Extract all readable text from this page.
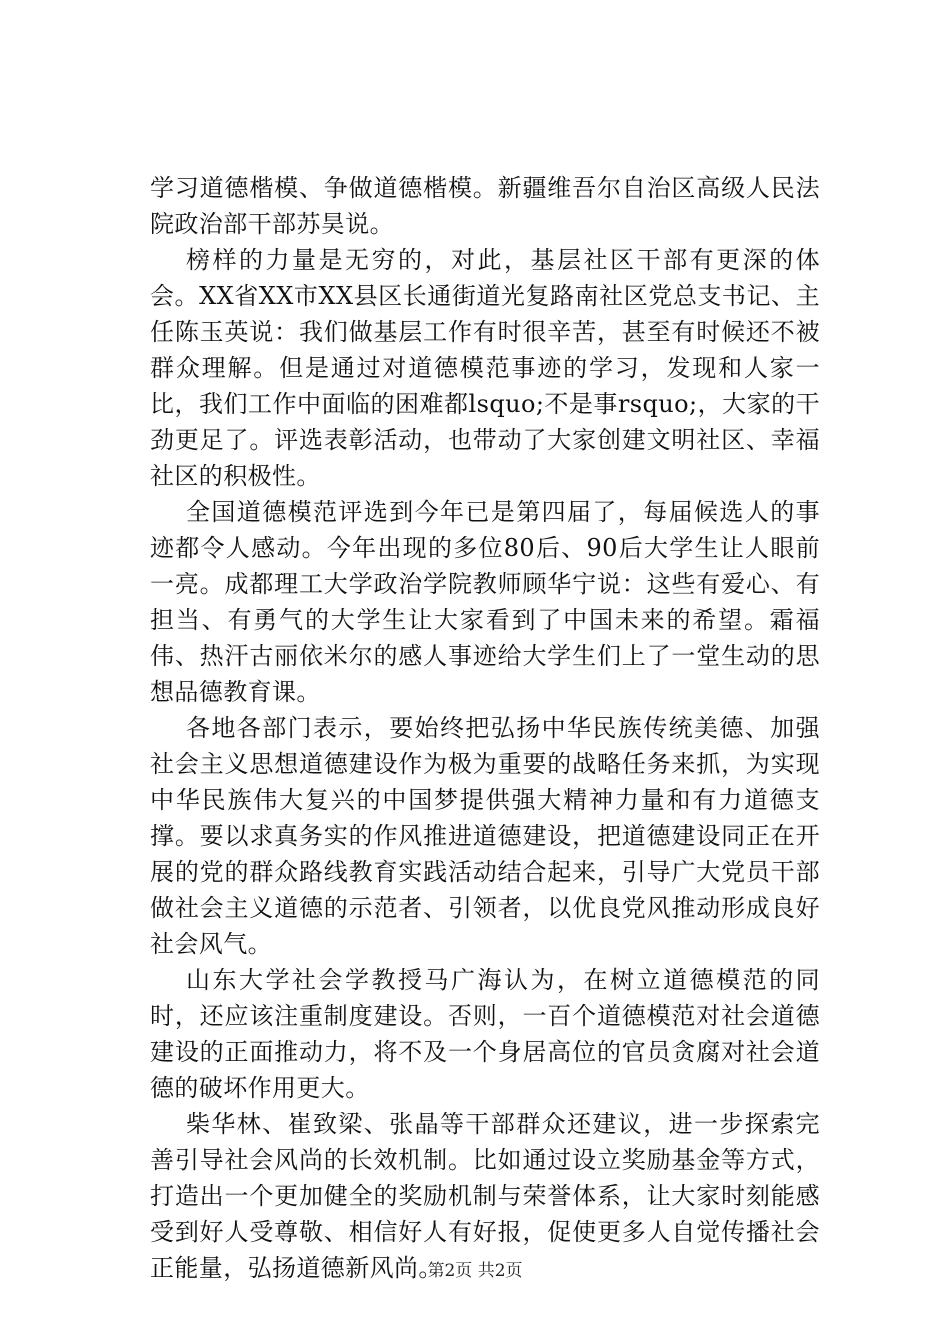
学习道德楷模、争做道德楷模。新疆维吾尔自治区高级人民法院政治部干部苏昊说。

榜样的力量是无穷的，对此，基层社区干部有更深的体会。XX省XX市XX县区长通街道光复路南社区党总支书记、主任陈玉英说：我们做基层工作有时很辛苦，甚至有时候还不被群众理解。但是通过对道德模范事迹的学习，发现和人家一比，我们工作中面临的困难都lsquo;不是事rsquo;，大家的干劲更足了。评选表彰活动，也带动了大家创建文明社区、幸福社区的积极性。

全国道德模范评选到今年已是第四届了，每届候选人的事迹都令人感动。今年出现的多位80后、90后大学生让人眼前一亮。成都理工大学政治学院教师顾华宁说：这些有爱心、有担当、有勇气的大学生让大家看到了中国未来的希望。霜福伟、热汗古丽依米尔的感人事迹给大学生们上了一堂生动的思想品德教育课。

各地各部门表示，要始终把弘扬中华民族传统美德、加强社会主义思想道德建设作为极为重要的战略任务来抓，为实现中华民族伟大复兴的中国梦提供强大精神力量和有力道德支撑。要以求真务实的作风推进道德建设，把道德建设同正在开展的党的群众路线教育实践活动结合起来，引导广大党员干部做社会主义道德的示范者、引领者，以优良党风推动形成良好社会风气。

山东大学社会学教授马广海认为，在树立道德模范的同时，还应该注重制度建设。否则，一百个道德模范对社会道德建设的正面推动力，将不及一个身居高位的官员贪腐对社会道德的破坏作用更大。

柴华林、崔致梁、张晶等干部群众还建议，进一步探索完善引导社会风尚的长效机制。比如通过设立奖励基金等方式，打造出一个更加健全的奖励机制与荣誉体系，让大家时刻能感受到好人受尊敬、相信好人有好报，促使更多人自觉传播社会正能量，弘扬道德新风尚。

第2页 共2页
